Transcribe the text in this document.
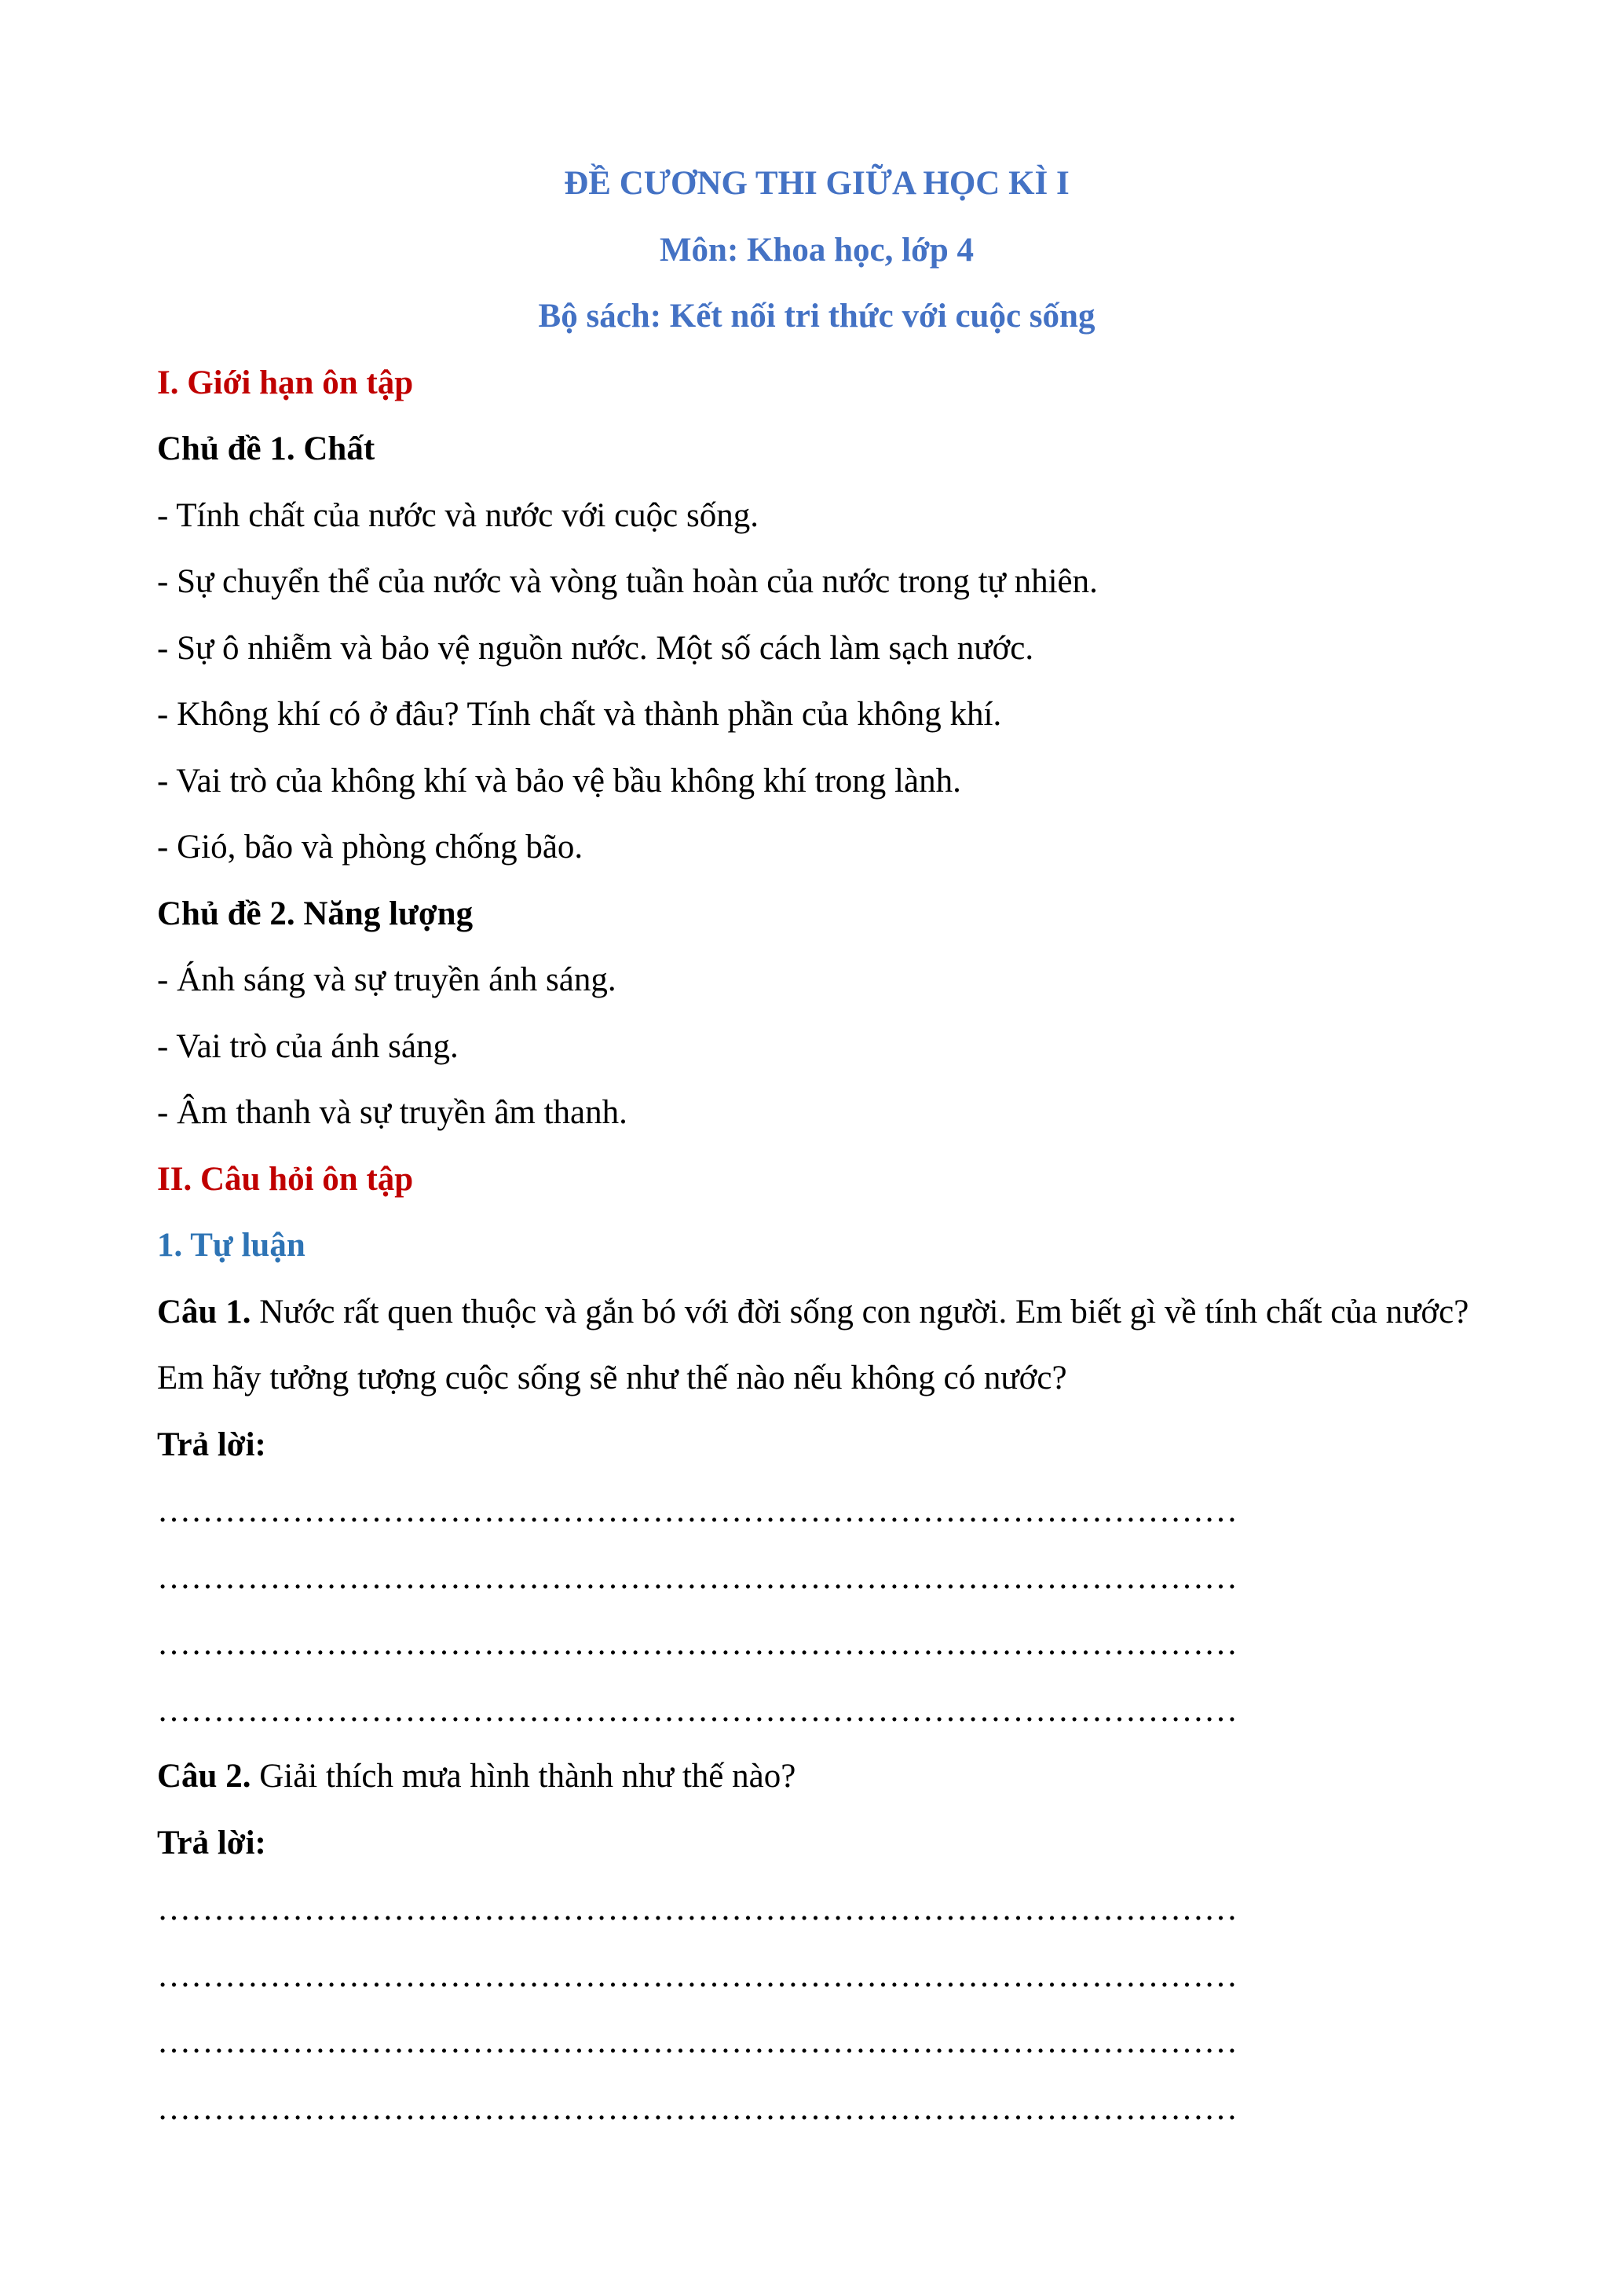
ĐỀ CƯƠNG THI GIỮA HỌC KÌ I
Môn: Khoa học, lớp 4
Bộ sách: Kết nối tri thức với cuộc sống
I. Giới hạn ôn tập
Chủ đề 1. Chất
- Tính chất của nước và nước với cuộc sống.
- Sự chuyển thể của nước và vòng tuần hoàn của nước trong tự nhiên.
- Sự ô nhiễm và bảo vệ nguồn nước. Một số cách làm sạch nước.
- Không khí có ở đâu? Tính chất và thành phần của không khí.
- Vai trò của không khí và bảo vệ bầu không khí trong lành.
- Gió, bão và phòng chống bão.
Chủ đề 2. Năng lượng
- Ánh sáng và sự truyền ánh sáng.
- Vai trò của ánh sáng.
- Âm thanh và sự truyền âm thanh.
II. Câu hỏi ôn tập
1. Tự luận
Câu 1. Nước rất quen thuộc và gắn bó với đời sống con người. Em biết gì về tính chất của nước? Em hãy tưởng tượng cuộc sống sẽ như thế nào nếu không có nước?
Trả lời:
……………………………………………………………………………………
……………………………………………………………………………………
……………………………………………………………………………………
……………………………………………………………………………………
Câu 2. Giải thích mưa hình thành như thế nào?
Trả lời:
……………………………………………………………………………………
……………………………………………………………………………………
……………………………………………………………………………………
……………………………………………………………………………………
